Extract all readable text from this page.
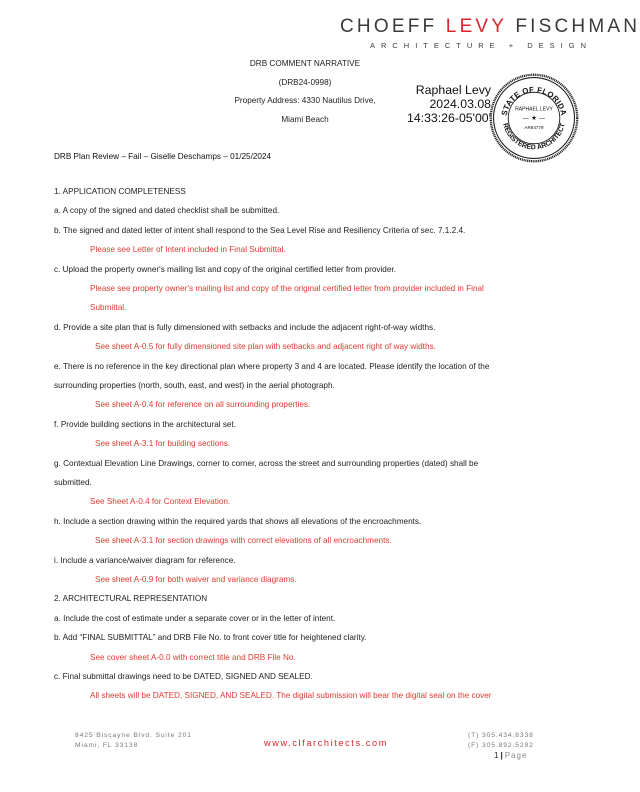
CHOEFF LEVY FISCHMAN
ARCHITECTURE + DESIGN
DRB COMMENT NARRATIVE
(DRB24-0998)
Property Address: 4330 Nautilus Drive,
Miami Beach
Raphael Levy
2024.03.08
14:33:26-05'00' STATE OF FLORIDA
REGISTERED ARCHITECT
RAPHAEL LEVY
— ★ —
AR94779
DRB Plan Review – Fail – Giselle Deschamps – 01/25/2024
1. APPLICATION COMPLETENESS
a. A copy of the signed and dated checklist shall be submitted.
b. The signed and dated letter of intent shall respond to the Sea Level Rise and Resiliency Criteria of sec. 7.1.2.4.
Please see Letter of Intent included in Final Submittal.
c. Upload the property owner's mailing list and copy of the original certified letter from provider.
Please see property owner's mailing list and copy of the original certified letter from provider included in Final
Submittal.
d. Provide a site plan that is fully dimensioned with setbacks and include the adjacent right-of-way widths.
See sheet A-0.5 for fully dimensioned site plan with setbacks and adjacent right of way widths.
e. There is no reference in the key directional plan where property 3 and 4 are located. Please identify the location of the
surrounding properties (north, south, east, and west) in the aerial photograph.
See sheet A-0.4 for reference on all surrounding properties.
f. Provide building sections in the architectural set.
See sheet A-3.1 for building sections.
g. Contextual Elevation Line Drawings, corner to corner, across the street and surrounding properties (dated) shall be
submitted.
See Sheet A-0.4 for Context Elevation.
h. Include a section drawing within the required yards that shows all elevations of the encroachments.
See sheet A-3.1 for section drawings with correct elevations of all encroachments.
i. Include a variance/waiver diagram for reference.
See sheet A-0.9 for both waiver and variance diagrams.
2. ARCHITECTURAL REPRESENTATION
a. Include the cost of estimate under a separate cover or in the letter of intent.
b. Add “FINAL SUBMITTAL” and DRB File No. to front cover title for heightened clarity.
See cover sheet A-0.0 with correct title and DRB File No.
c. Final submittal drawings need to be DATED, SIGNED AND SEALED.
All sheets will be DATED, SIGNED, AND SEALED. The digital submission will bear the digital seal on the cover
8425 Biscayne Blvd. Suite 201
Miami, FL 33138	www.clfarchitects.com
(T) 305.434.8338
(F) 305.892.5292
1 | Page
